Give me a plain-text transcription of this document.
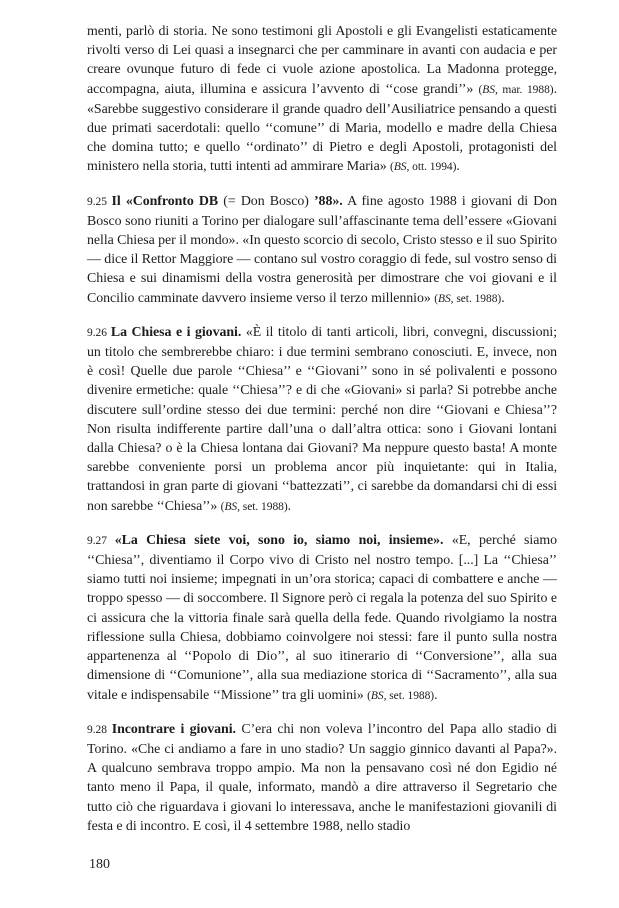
menti, parlò di storia. Ne sono testimoni gli Apostoli e gli Evangelisti estaticamente rivolti verso di Lei quasi a insegnarci che per camminare in avanti con audacia e per creare ovunque futuro di fede ci vuole azione apostolica. La Madonna protegge, accompagna, aiuta, illumina e assicura l’avvento di ‘‘cose grandi’’» (BS, mar. 1988). «Sarebbe suggestivo considerare il grande quadro dell’Ausiliatrice pensando a questi due primati sacerdotali: quello ‘‘comune’’ di Maria, modello e madre della Chiesa che domina tutto; e quello ‘‘ordinato’’ di Pietro e degli Apostoli, protagonisti del ministero nella storia, tutti intenti ad ammirare Maria» (BS, ott. 1994).

9.25 Il «Confronto DB (= Don Bosco) ’88». A fine agosto 1988 i giovani di Don Bosco sono riuniti a Torino per dialogare sull’affascinante tema dell’essere «Giovani nella Chiesa per il mondo». «In questo scorcio di secolo, Cristo stesso e il suo Spirito — dice il Rettor Maggiore — contano sul vostro coraggio di fede, sul vostro senso di Chiesa e sui dinamismi della vostra generosità per dimostrare che voi giovani e il Concilio camminate davvero insieme verso il terzo millennio» (BS, set. 1988).

9.26 La Chiesa e i giovani. «È il titolo di tanti articoli, libri, convegni, discussioni; un titolo che sembrerebbe chiaro: i due termini sembrano conosciuti. E, invece, non è così! Quelle due parole ‘‘Chiesa’’ e ‘‘Giovani’’ sono in sé polivalenti e possono divenire ermetiche: quale ‘‘Chiesa’’? e di che «Giovani» si parla? Si potrebbe anche discutere sull’ordine stesso dei due termini: perché non dire ‘‘Giovani e Chiesa’’? Non risulta indifferente partire dall’una o dall’altra ottica: sono i Giovani lontani dalla Chiesa? o è la Chiesa lontana dai Giovani? Ma neppure questo basta! A monte sarebbe conveniente porsi un problema ancor più inquietante: qui in Italia, trattandosi in gran parte di giovani ‘‘battezzati’’, ci sarebbe da domandarsi chi di essi non sarebbe ‘‘Chiesa’’» (BS, set. 1988).

9.27 «La Chiesa siete voi, sono io, siamo noi, insieme». «E, perché siamo ‘‘Chiesa’’, diventiamo il Corpo vivo di Cristo nel nostro tempo. [...] La ‘‘Chiesa’’ siamo tutti noi insieme; impegnati in un’ora storica; capaci di combattere e anche — troppo spesso — di soccombere. Il Signore però ci regala la potenza del suo Spirito e ci assicura che la vittoria finale sarà quella della fede. Quando rivolgiamo la nostra riflessione sulla Chiesa, dobbiamo coinvolgere noi stessi: fare il punto sulla nostra appartenenza al ‘‘Popolo di Dio’’, al suo itinerario di ‘‘Conversione’’, alla sua dimensione di ‘‘Comunione’’, alla sua mediazione storica di ‘‘Sacramento’’, alla sua vitale e indispensabile ‘‘Missione’’ tra gli uomini» (BS, set. 1988).

9.28 Incontrare i giovani. C’era chi non voleva l’incontro del Papa allo stadio di Torino. «Che ci andiamo a fare in uno stadio? Un saggio ginnico davanti al Papa?». A qualcuno sembrava troppo ampio. Ma non la pensavano così né don Egidio né tanto meno il Papa, il quale, informato, mandò a dire attraverso il Segretario che tutto ciò che riguardava i giovani lo interessava, anche le manifestazioni giovanili di festa e di incontro. E così, il 4 settembre 1988, nello stadio

180
